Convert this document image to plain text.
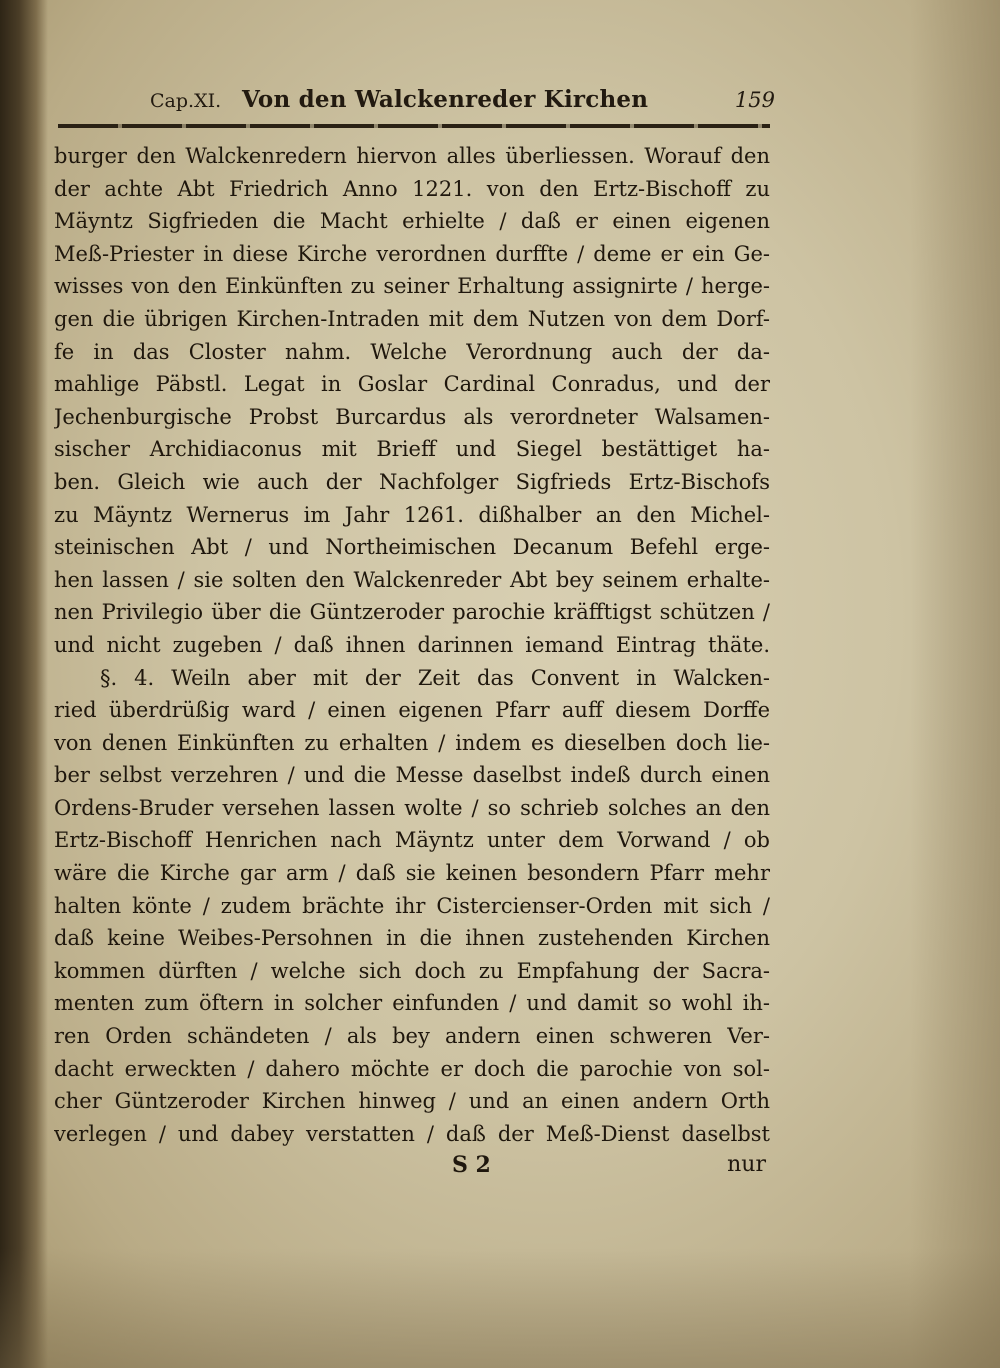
Cap.XI. Von den Walckenreder Kirchen	159
burger den Walckenredern hiervon alles überliessen. Worauf den
der achte Abt Friedrich Anno 1221. von den Ertz-Bischoff zu
Mäyntz Sigfrieden die Macht erhielte / daß er einen eigenen
Meß-Priester in diese Kirche verordnen durffte / deme er ein Ge-
wisses von den Einkünften zu seiner Erhaltung assignirte / herge-
gen die übrigen Kirchen-Intraden mit dem Nutzen von dem Dorf-
fe in das Closter nahm. Welche Verordnung auch der da-
mahlige Päbstl. Legat in Goslar Cardinal Conradus, und der
Jechenburgische Probst Burcardus als verordneter Walsamen-
sischer Archidiaconus mit Brieff und Siegel bestättiget ha-
ben. Gleich wie auch der Nachfolger Sigfrieds Ertz-Bischofs
zu Mäyntz Wernerus im Jahr 1261. dißhalber an den Michel-
steinischen Abt / und Northeimischen Decanum Befehl erge-
hen lassen / sie solten den Walckenreder Abt bey seinem erhalte-
nen Privilegio über die Güntzeroder parochie kräfftigst schützen /
und nicht zugeben / daß ihnen darinnen iemand Eintrag thäte.
§. 4. Weiln aber mit der Zeit das Convent in Walcken-
ried überdrüßig ward / einen eigenen Pfarr auff diesem Dorffe
von denen Einkünften zu erhalten / indem es dieselben doch lie-
ber selbst verzehren / und die Messe daselbst indeß durch einen
Ordens-Bruder versehen lassen wolte / so schrieb solches an den
Ertz-Bischoff Henrichen nach Mäyntz unter dem Vorwand / ob
wäre die Kirche gar arm / daß sie keinen besondern Pfarr mehr
halten könte / zudem brächte ihr Cistercienser-Orden mit sich /
daß keine Weibes-Persohnen in die ihnen zustehenden Kirchen
kommen dürften / welche sich doch zu Empfahung der Sacra-
menten zum öftern in solcher einfunden / und damit so wohl ih-
ren Orden schändeten / als bey andern einen schweren Ver-
dacht erweckten / dahero möchte er doch die parochie von sol-
cher Güntzeroder Kirchen hinweg / und an einen andern Orth
verlegen / und dabey verstatten / daß der Meß-Dienst daselbst
S 2	nur
